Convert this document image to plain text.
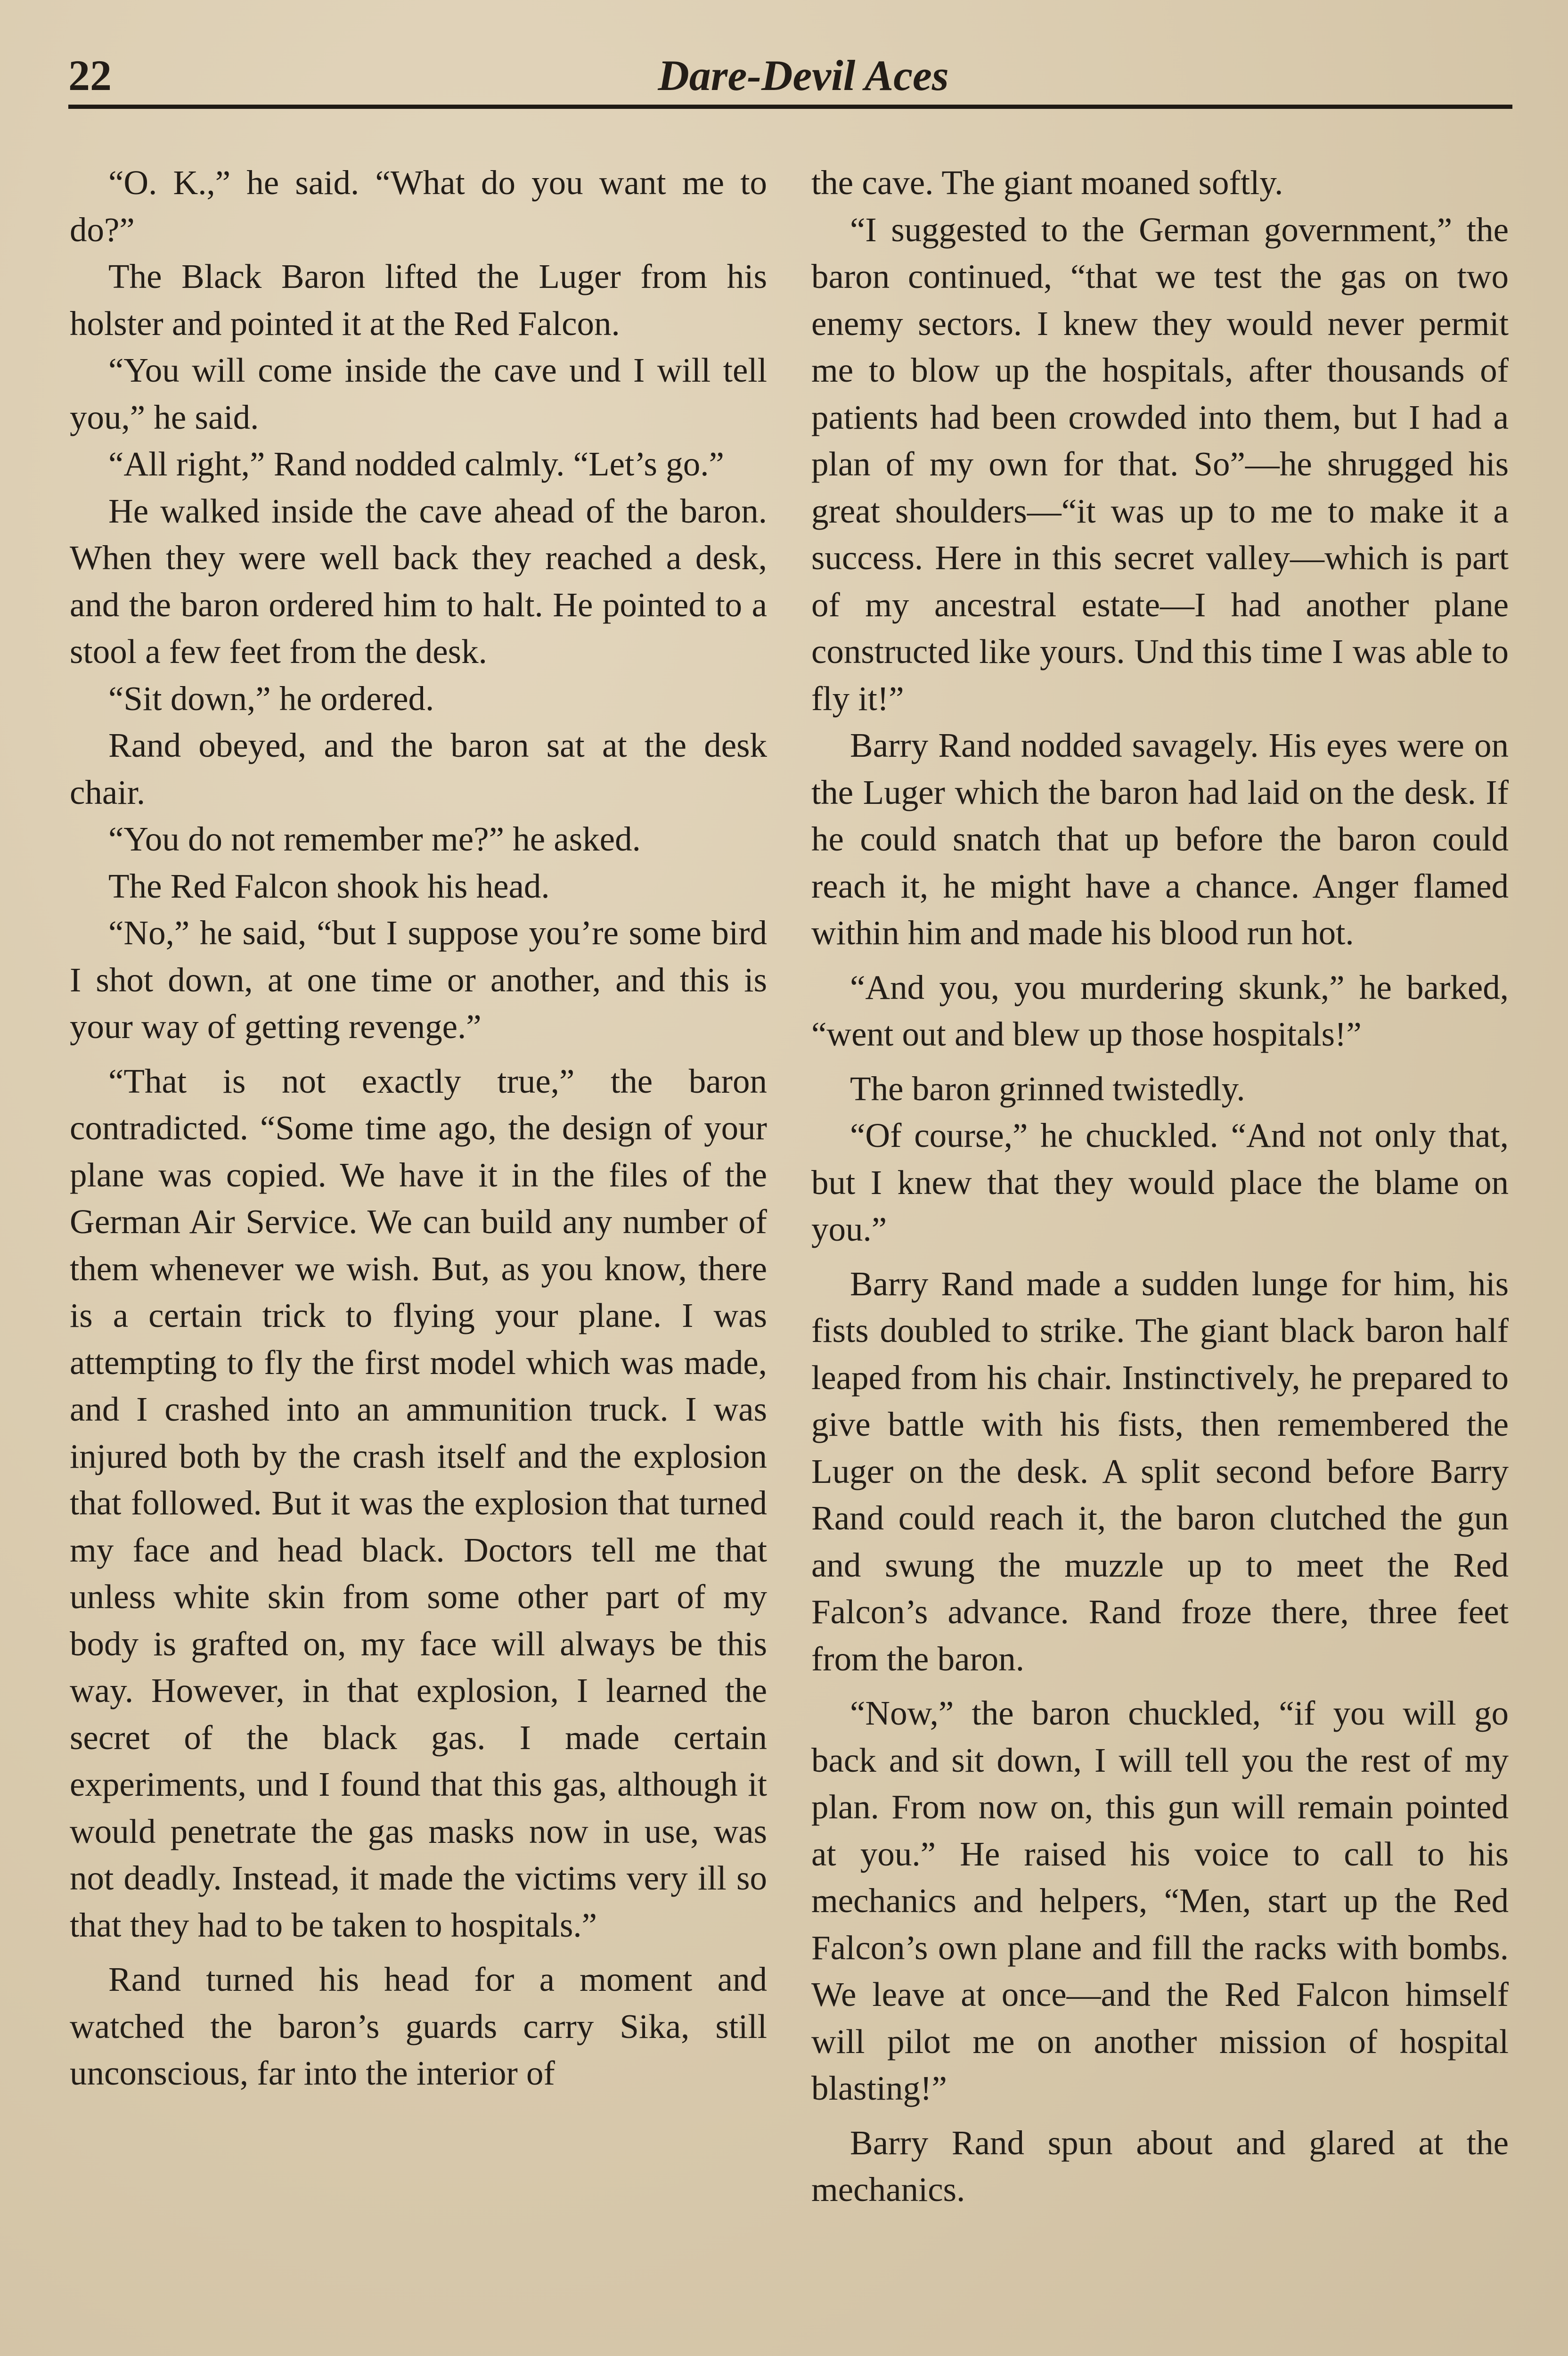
22	Dare-Devil Aces

“O. K.,” he said. “What do you want me to do?”

The Black Baron lifted the Luger from his holster and pointed it at the Red Falcon.

“You will come inside the cave und I will tell you,” he said.

“All right,” Rand nodded calmly. “Let’s go.”

He walked inside the cave ahead of the baron. When they were well back they reached a desk, and the baron ordered him to halt. He pointed to a stool a few feet from the desk.

“Sit down,” he ordered.

Rand obeyed, and the baron sat at the desk chair.

“You do not remember me?” he asked.

The Red Falcon shook his head.

“No,” he said, “but I suppose you’re some bird I shot down, at one time or another, and this is your way of getting revenge.”

“That is not exactly true,” the baron contradicted. “Some time ago, the design of your plane was copied. We have it in the files of the German Air Service. We can build any number of them whenever we wish. But, as you know, there is a certain trick to flying your plane. I was attempting to fly the first model which was made, and I crashed into an ammunition truck. I was injured both by the crash itself and the explosion that followed. But it was the explosion that turned my face and head black. Doctors tell me that unless white skin from some other part of my body is grafted on, my face will always be this way. However, in that explosion, I learned the secret of the black gas. I made certain experiments, und I found that this gas, although it would penetrate the gas masks now in use, was not deadly. Instead, it made the victims very ill so that they had to be taken to hospitals.”

Rand turned his head for a moment and watched the baron’s guards carry Sika, still unconscious, far into the interior of

the cave. The giant moaned softly.

“I suggested to the German government,” the baron continued, “that we test the gas on two enemy sectors. I knew they would never permit me to blow up the hospitals, after thousands of patients had been crowded into them, but I had a plan of my own for that. So”—he shrugged his great shoulders—“it was up to me to make it a success. Here in this secret valley—which is part of my ancestral estate—I had another plane constructed like yours. Und this time I was able to fly it!”

Barry Rand nodded savagely. His eyes were on the Luger which the baron had laid on the desk. If he could snatch that up before the baron could reach it, he might have a chance. Anger flamed within him and made his blood run hot.

“And you, you murdering skunk,” he barked, “went out and blew up those hospitals!”

The baron grinned twistedly.

“Of course,” he chuckled. “And not only that, but I knew that they would place the blame on you.”

Barry Rand made a sudden lunge for him, his fists doubled to strike. The giant black baron half leaped from his chair. Instinctively, he prepared to give battle with his fists, then remembered the Luger on the desk. A split second before Barry Rand could reach it, the baron clutched the gun and swung the muzzle up to meet the Red Falcon’s advance. Rand froze there, three feet from the baron.

“Now,” the baron chuckled, “if you will go back and sit down, I will tell you the rest of my plan. From now on, this gun will remain pointed at you.” He raised his voice to call to his mechanics and helpers, “Men, start up the Red Falcon’s own plane and fill the racks with bombs. We leave at once—and the Red Falcon himself will pilot me on another mission of hospital blasting!”

Barry Rand spun about and glared at the mechanics.
